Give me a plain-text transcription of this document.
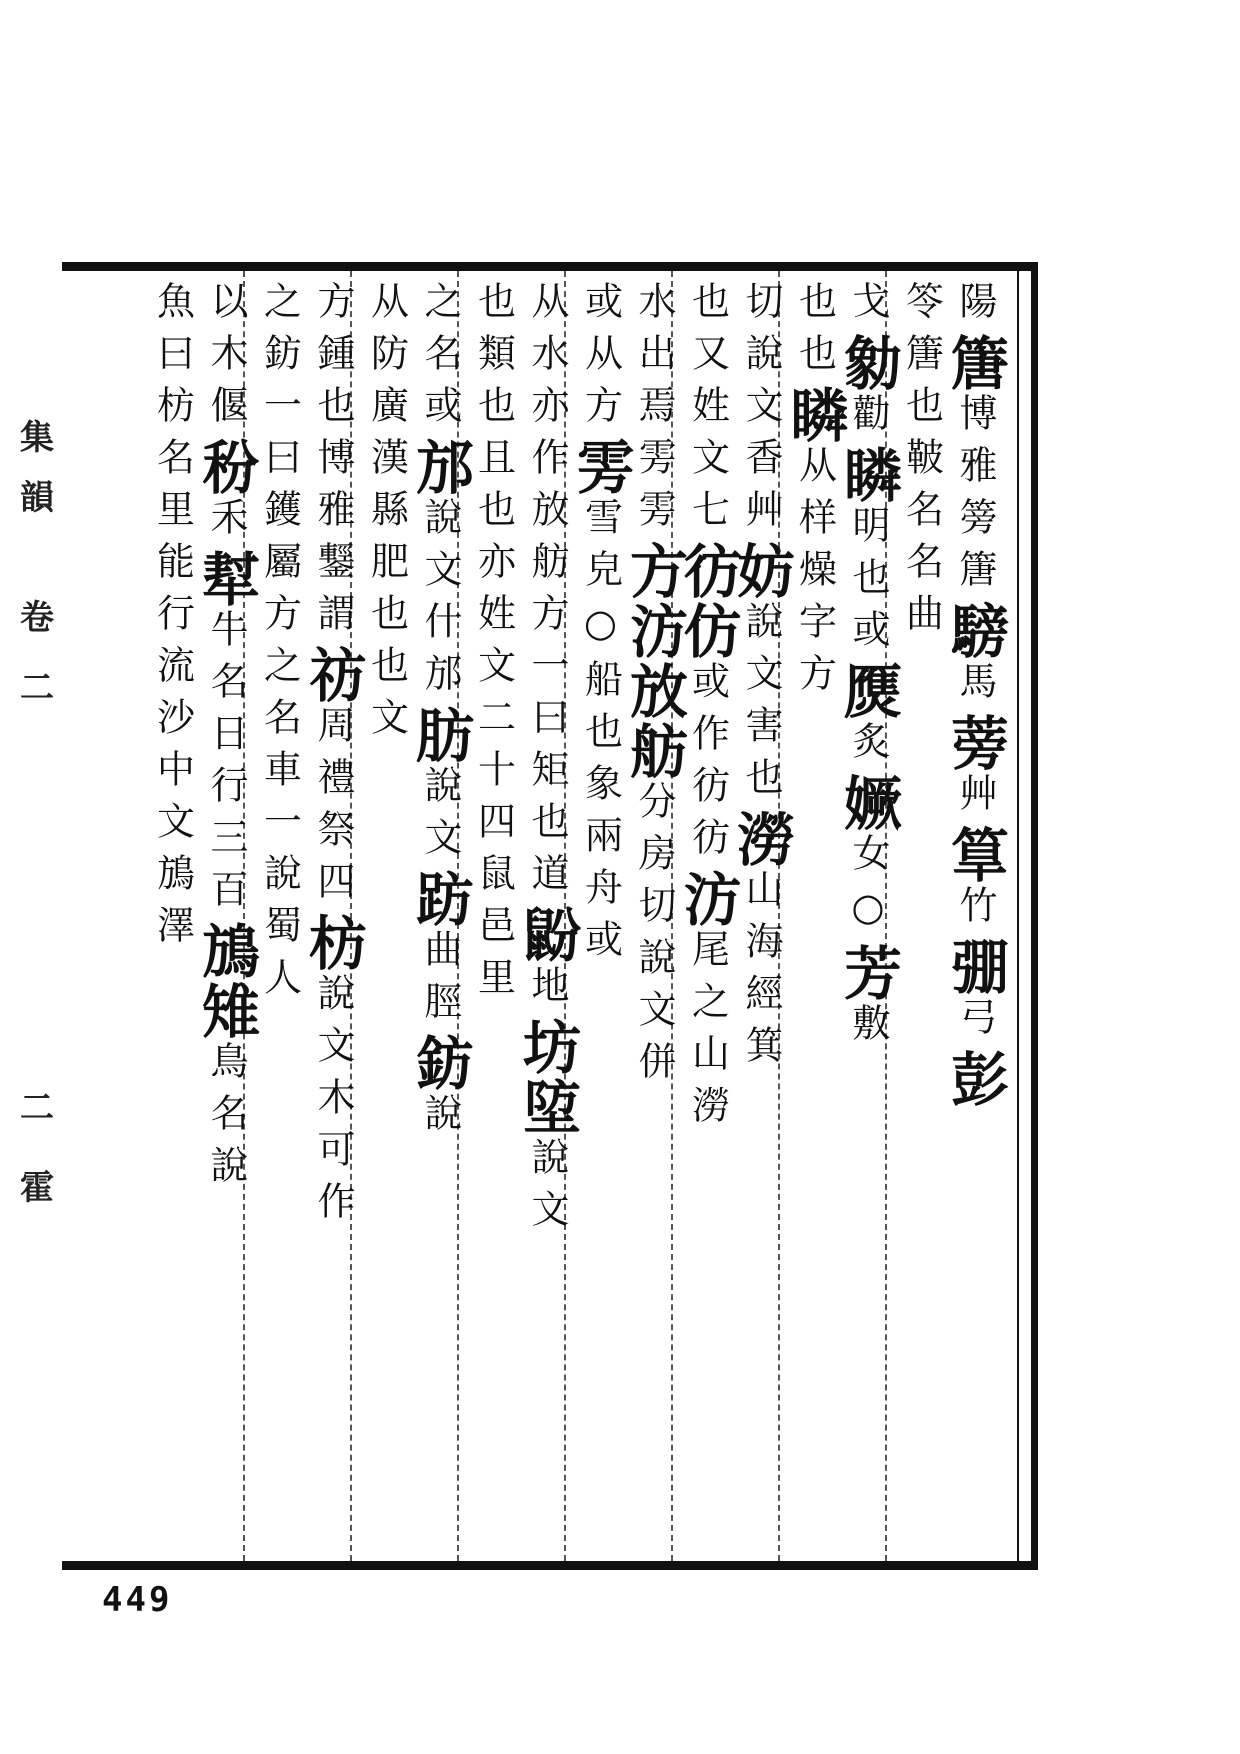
陽篖博雅篣篖騯馬蒡艸筸竹弸弓彭
笭篖也鞁名名曲
戈勨勸瞵明也或㷳炙㜧女○芳敷
也也瞵从样燥字方
切說文香艸妨說文害也澇山海經箕
也又姓文七彷仿或作彷彷汸尾之山澇
水出焉雱雱方汸放舫分房切說文併
或从方雱雪皃○船也象兩舟或
从水亦作放舫方一曰矩也道鼢地坊埅說文
也類也且也亦姓文二十四鼠邑里
之名或邡說文什邡肪說文趽曲脛鈁說
从防廣漢縣肥也也文
方鍾也博雅鑋謂祊周禮祭四枋說文木可作
之鈁一曰鑊屬方之名車一說蜀人
以木偃秎禾犎牛名日行三百鴋雉鳥名說
魚曰枋名里能行流沙中文鴋澤
集
韻
卷
二
二
霍
449
